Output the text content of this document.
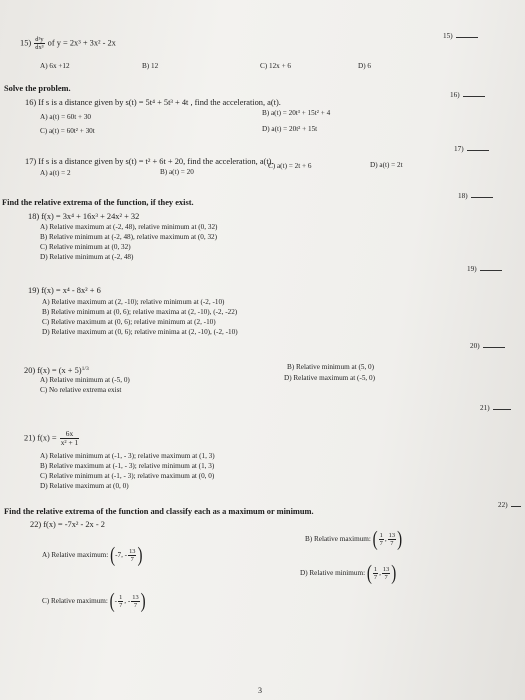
$15) \frac{\text{d³y}}{\text{dx³}}$ of y = 2x³ + 3x² - 2x
15)
A) 6x +12	B) 12	C) 12x + 6	D) 6
Solve the problem.
16) If s is a distance given by s(t) = 5t⁴ + 5t³ + 4t , find the acceleration, a(t).
16)
A) a(t) = 60t + 30	B) a(t) = 20t³ + 15t² + 4
C) a(t) = 60t² + 30t	D) a(t) = 20t² + 15t
17) If s is a distance given by s(t) = t² + 6t + 20, find the acceleration, a(t).
17)
A) a(t) = 2	B) a(t) = 20
C) a(t) = 2t + 6	D) a(t) = 2t
Find the relative extrema of the function, if they exist.
18) f(x) = 3x⁴ + 16x³ + 24x² + 32
18)
A) Relative maximum at (-2, 48), relative minimum at (0, 32)
B) Relative minimum at (-2, 48), relative maximum at (0, 32)
C) Relative minimum at (0, 32)
D) Relative minimum at (-2, 48)
19) f(x) = x⁴ - 8x² + 6
19)
A) Relative maximum at (2, -10); relative minimum at (-2, -10)
B) Relative minimum at (0, 6); relative maxima at (2, -10), (-2, -22)
C) Relative maximum at (0, 6); relative minimum at (2, -10)
D) Relative maximum at (0, 6); relative minima at (2, -10), (-2, -10)
20) $f(x) = (x + 5)^{1/3}$
20)
A) Relative minimum at (-5, 0)
B) Relative minimum at (5, 0)
C) No relative extrema exist
D) Relative maximum at (-5, 0)
21) $f(x) = \frac{6x}{\text{x² + 1}}$
21)
A) Relative minimum at (-1, - 3); relative maximum at (1, 3)
B) Relative maximum at (-1, - 3); relative minimum at (1, 3)
C) Relative minimum at (-1, - 3); relative maximum at (0, 0)
D) Relative maximum at (0, 0)
Find the relative extrema of the function and classify each as a maximum or minimum.
22) f(x) = -7x² - 2x - 2
22)
A) Relative maximum: (-7, - $\frac{13}{7}$ )
B) Relative maximum: ( $\frac{1}{7}$ , $\frac{13}{7}$ )
C) Relative maximum: (- $\frac{1}{7}$ , - $\frac{13}{7}$ )
D) Relative minimum: ( $\frac{1}{7}$ , $\frac{13}{7}$ )
3
